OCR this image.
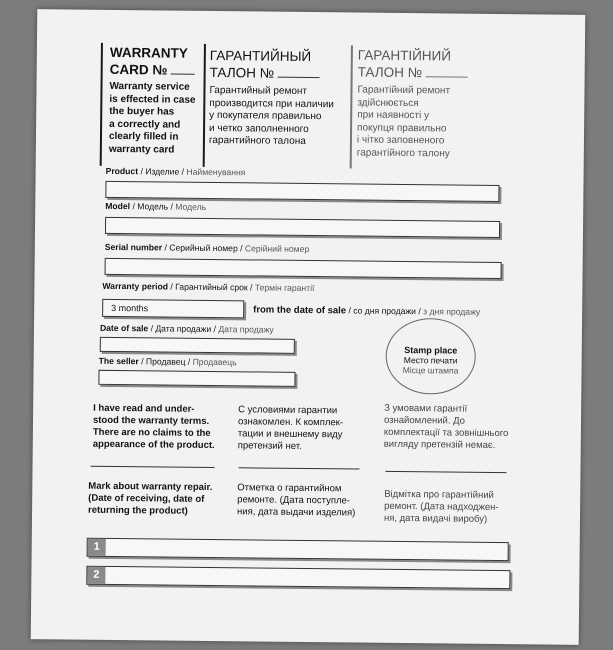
WARRANTY
CARD №
Warranty service
is effected in case
the buyer has
a correctly and
clearly filled in
warranty card
ГАРАНТИЙНЫЙ
ТАЛОН №
Гарантийный ремонт
производится при наличии
у покупателя правильно
и четко заполненного
гарантийного талона
ГАРАНТІЙНИЙ
ТАЛОН №
Гарантійний ремонт
здійснюється
при наявності у
покупця правильно
і чітко заповненого
гарантійного талону
Product / Изделие / Найменування
Model / Модель / Модель
Serial number / Серийный номер / Серійний номер
Warranty period / Гарантийный срок / Термін гарантії
3 months	from the date of sale / со дня продажи / з дня продажу
Date of sale / Дата продажи / Дата продажу
The seller / Продавец / Продавець
Stamp place
Место печати
Місце штампа
I have read and under-
stood the warranty terms.
There are no claims to the
appearance of the product.
С условиями гарантии
ознакомлен. К комплек-
тации и внешнему виду
претензий нет.
З умовами гарантії
ознайомлений. До
комплектації та зовнішнього
вигляду претензій немає.
Mark about warranty repair.
(Date of receiving, date of
returning the product)
Отметка о гарантийном
ремонте. (Дата поступле-
ния, дата выдачи изделия)
Відмітка про гарантійний
ремонт. (Дата надходжен-
ня, дата видачі виробу)
1
2
